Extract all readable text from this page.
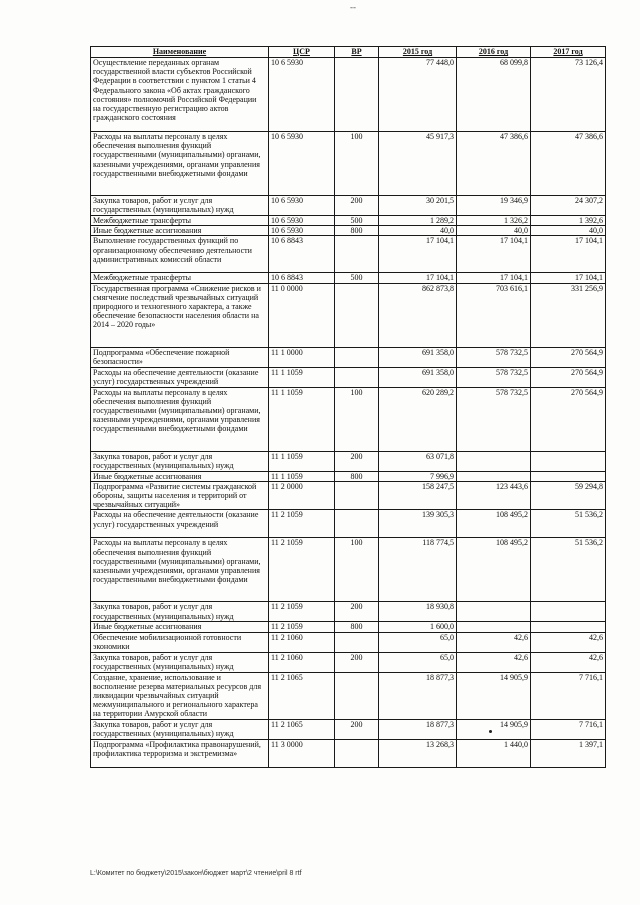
--
Наименование	ЦСР	ВР	2015 год	2016 год	2017 год
Осуществление переданных органам государственной власти субъектов Российской Федерации в соответствии с пунктом 1 статьи 4 Федерального закона «Об актах гражданского состояния» полномочий Российской Федерации на государственную регистрацию актов гражданского состояния	10 6 5930		77 448,0	68 099,8	73 126,4
Расходы на выплаты персоналу в целях обеспечения выполнения функций государственными (муниципальными) органами, казенными учреждениями, органами управления государственными внебюджетными фондами	10 6 5930	100	45 917,3	47 386,6	47 386,6
Закупка товаров, работ и услуг для государственных (муниципальных) нужд	10 6 5930	200	30 201,5	19 346,9	24 307,2
Межбюджетные трансферты	10 6 5930	500	1 289,2	1 326,2	1 392,6
Иные бюджетные ассигнования	10 6 5930	800	40,0	40,0	40,0
Выполнение государственных функций по организационному обеспечению деятельности административных комиссий области	10 6 8843		17 104,1	17 104,1	17 104,1
Межбюджетные трансферты	10 6 8843	500	17 104,1	17 104,1	17 104,1
Государственная программа «Снижение рисков и смягчение последствий чрезвычайных ситуаций природного и техногенного характера, а также обеспечение безопасности населения области на 2014 – 2020 годы»	11 0 0000		862 873,8	703 616,1	331 256,9
Подпрограмма «Обеспечение пожарной безопасности»	11 1 0000		691 358,0	578 732,5	270 564,9
Расходы на обеспечение деятельности (оказание услуг) государственных учреждений	11 1 1059		691 358,0	578 732,5	270 564,9
Расходы на выплаты персоналу в целях обеспечения выполнения функций государственными (муниципальными) органами, казенными учреждениями, органами управления государственными внебюджетными фондами	11 1 1059	100	620 289,2	578 732,5	270 564,9
Закупка товаров, работ и услуг для государственных (муниципальных) нужд	11 1 1059	200	63 071,8		
Иные бюджетные ассигнования	11 1 1059	800	7 996,9		
Подпрограмма «Развитие системы гражданской обороны, защиты населения и территорий от чрезвычайных ситуаций»	11 2 0000		158 247,5	123 443,6	59 294,8
Расходы на обеспечение деятельности (оказание услуг) государственных учреждений	11 2 1059		139 305,3	108 495,2	51 536,2
Расходы на выплаты персоналу в целях обеспечения выполнения функций государственными (муниципальными) органами, казенными учреждениями, органами управления государственными внебюджетными фондами	11 2 1059	100	118 774,5	108 495,2	51 536,2
Закупка товаров, работ и услуг для государственных (муниципальных) нужд	11 2 1059	200	18 930,8		
Иные бюджетные ассигнования	11 2 1059	800	1 600,0		
Обеспечение мобилизационной готовности экономики	11 2 1060		65,0	42,6	42,6
Закупка товаров, работ и услуг для государственных (муниципальных) нужд	11 2 1060	200	65,0	42,6	42,6
Создание, хранение, использование и восполнение резерва материальных ресурсов для ликвидации чрезвычайных ситуаций межмуниципального и регионального характера на территории Амурской области	11 2 1065		18 877,3	14 905,9	7 716,1
Закупка товаров, работ и услуг для государственных (муниципальных) нужд	11 2 1065	200	18 877,3	14 905,9	7 716,1
Подпрограмма «Профилактика правонарушений, профилактика терроризма и экстремизма»	11 3 0000		13 268,3	1 440,0	1 397,1
L:\Комитет по бюджету\2015\закон\бюджет март\2 чтение\pril 8 rtf
